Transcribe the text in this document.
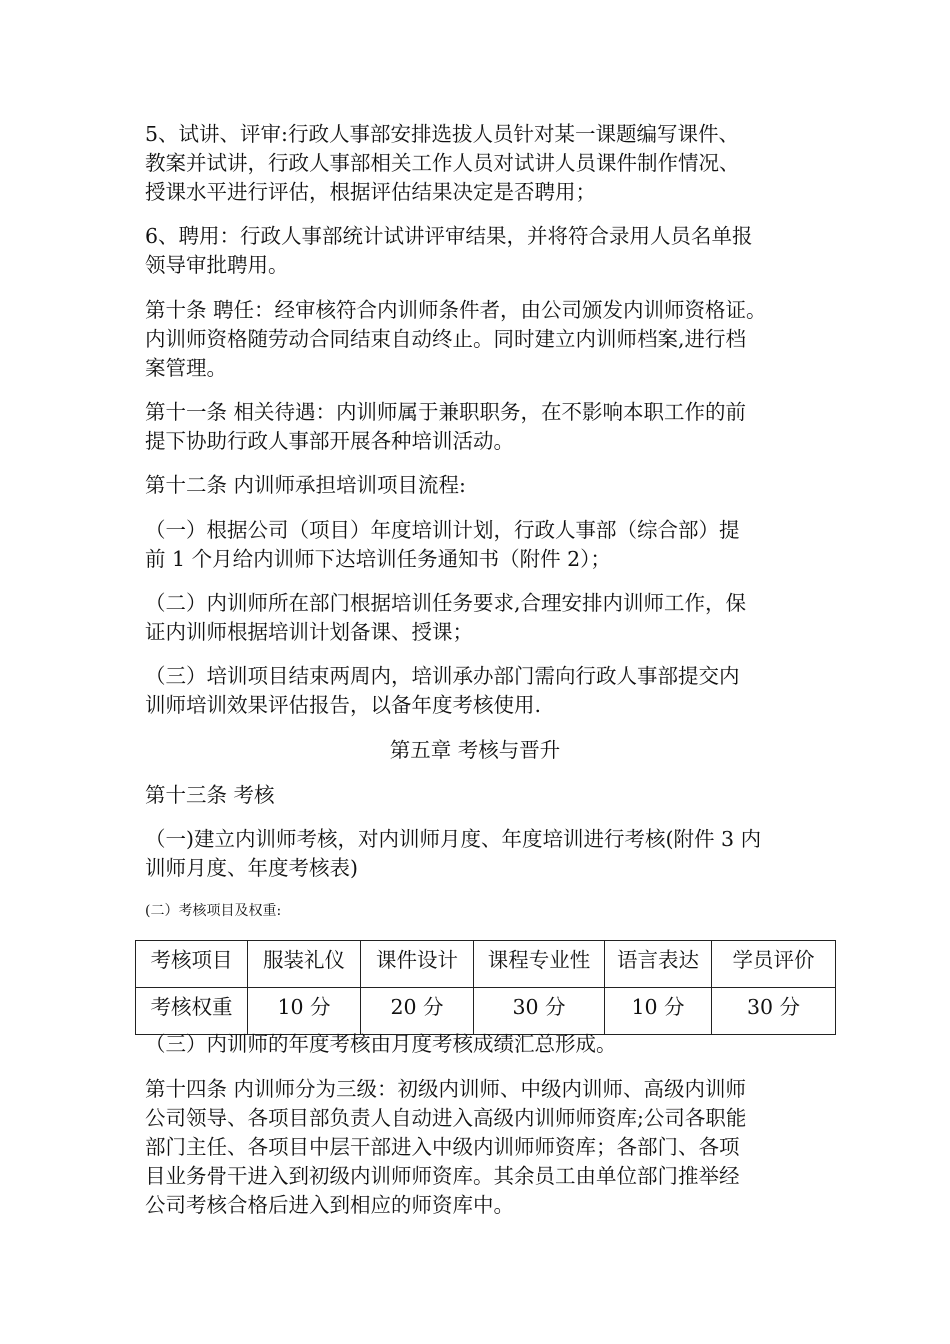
5、试讲、评审:行政人事部安排选拔人员针对某一课题编写课件、
教案并试讲，行政人事部相关工作人员对试讲人员课件制作情况、
授课水平进行评估，根据评估结果决定是否聘用；
6、聘用：行政人事部统计试讲评审结果，并将符合录用人员名单报
领导审批聘用。
第十条 聘任：经审核符合内训师条件者，由公司颁发内训师资格证。
内训师资格随劳动合同结束自动终止。同时建立内训师档案,进行档
案管理。
第十一条 相关待遇：内训师属于兼职职务，在不影响本职工作的前
提下协助行政人事部开展各种培训活动。
第十二条 内训师承担培训项目流程:
（一）根据公司（项目）年度培训计划，行政人事部（综合部）提
前 1 个月给内训师下达培训任务通知书（附件 2）；
（二）内训师所在部门根据培训任务要求,合理安排内训师工作，保
证内训师根据培训计划备课、授课；
（三）培训项目结束两周内，培训承办部门需向行政人事部提交内
训师培训效果评估报告，以备年度考核使用.
第五章 考核与晋升
第十三条 考核
（一)建立内训师考核，对内训师月度、年度培训进行考核(附件 3 内
训师月度、年度考核表)
(二）考核项目及权重:
考核项目	服装礼仪	课件设计	课程专业性	语言表达	学员评价
考核权重	10 分	20 分	30 分	10 分	30 分
（三）内训师的年度考核由月度考核成绩汇总形成。
第十四条 内训师分为三级：初级内训师、中级内训师、高级内训师
公司领导、各项目部负责人自动进入高级内训师师资库;公司各职能
部门主任、各项目中层干部进入中级内训师师资库；各部门、各项
目业务骨干进入到初级内训师师资库。其余员工由单位部门推举经
公司考核合格后进入到相应的师资库中。
